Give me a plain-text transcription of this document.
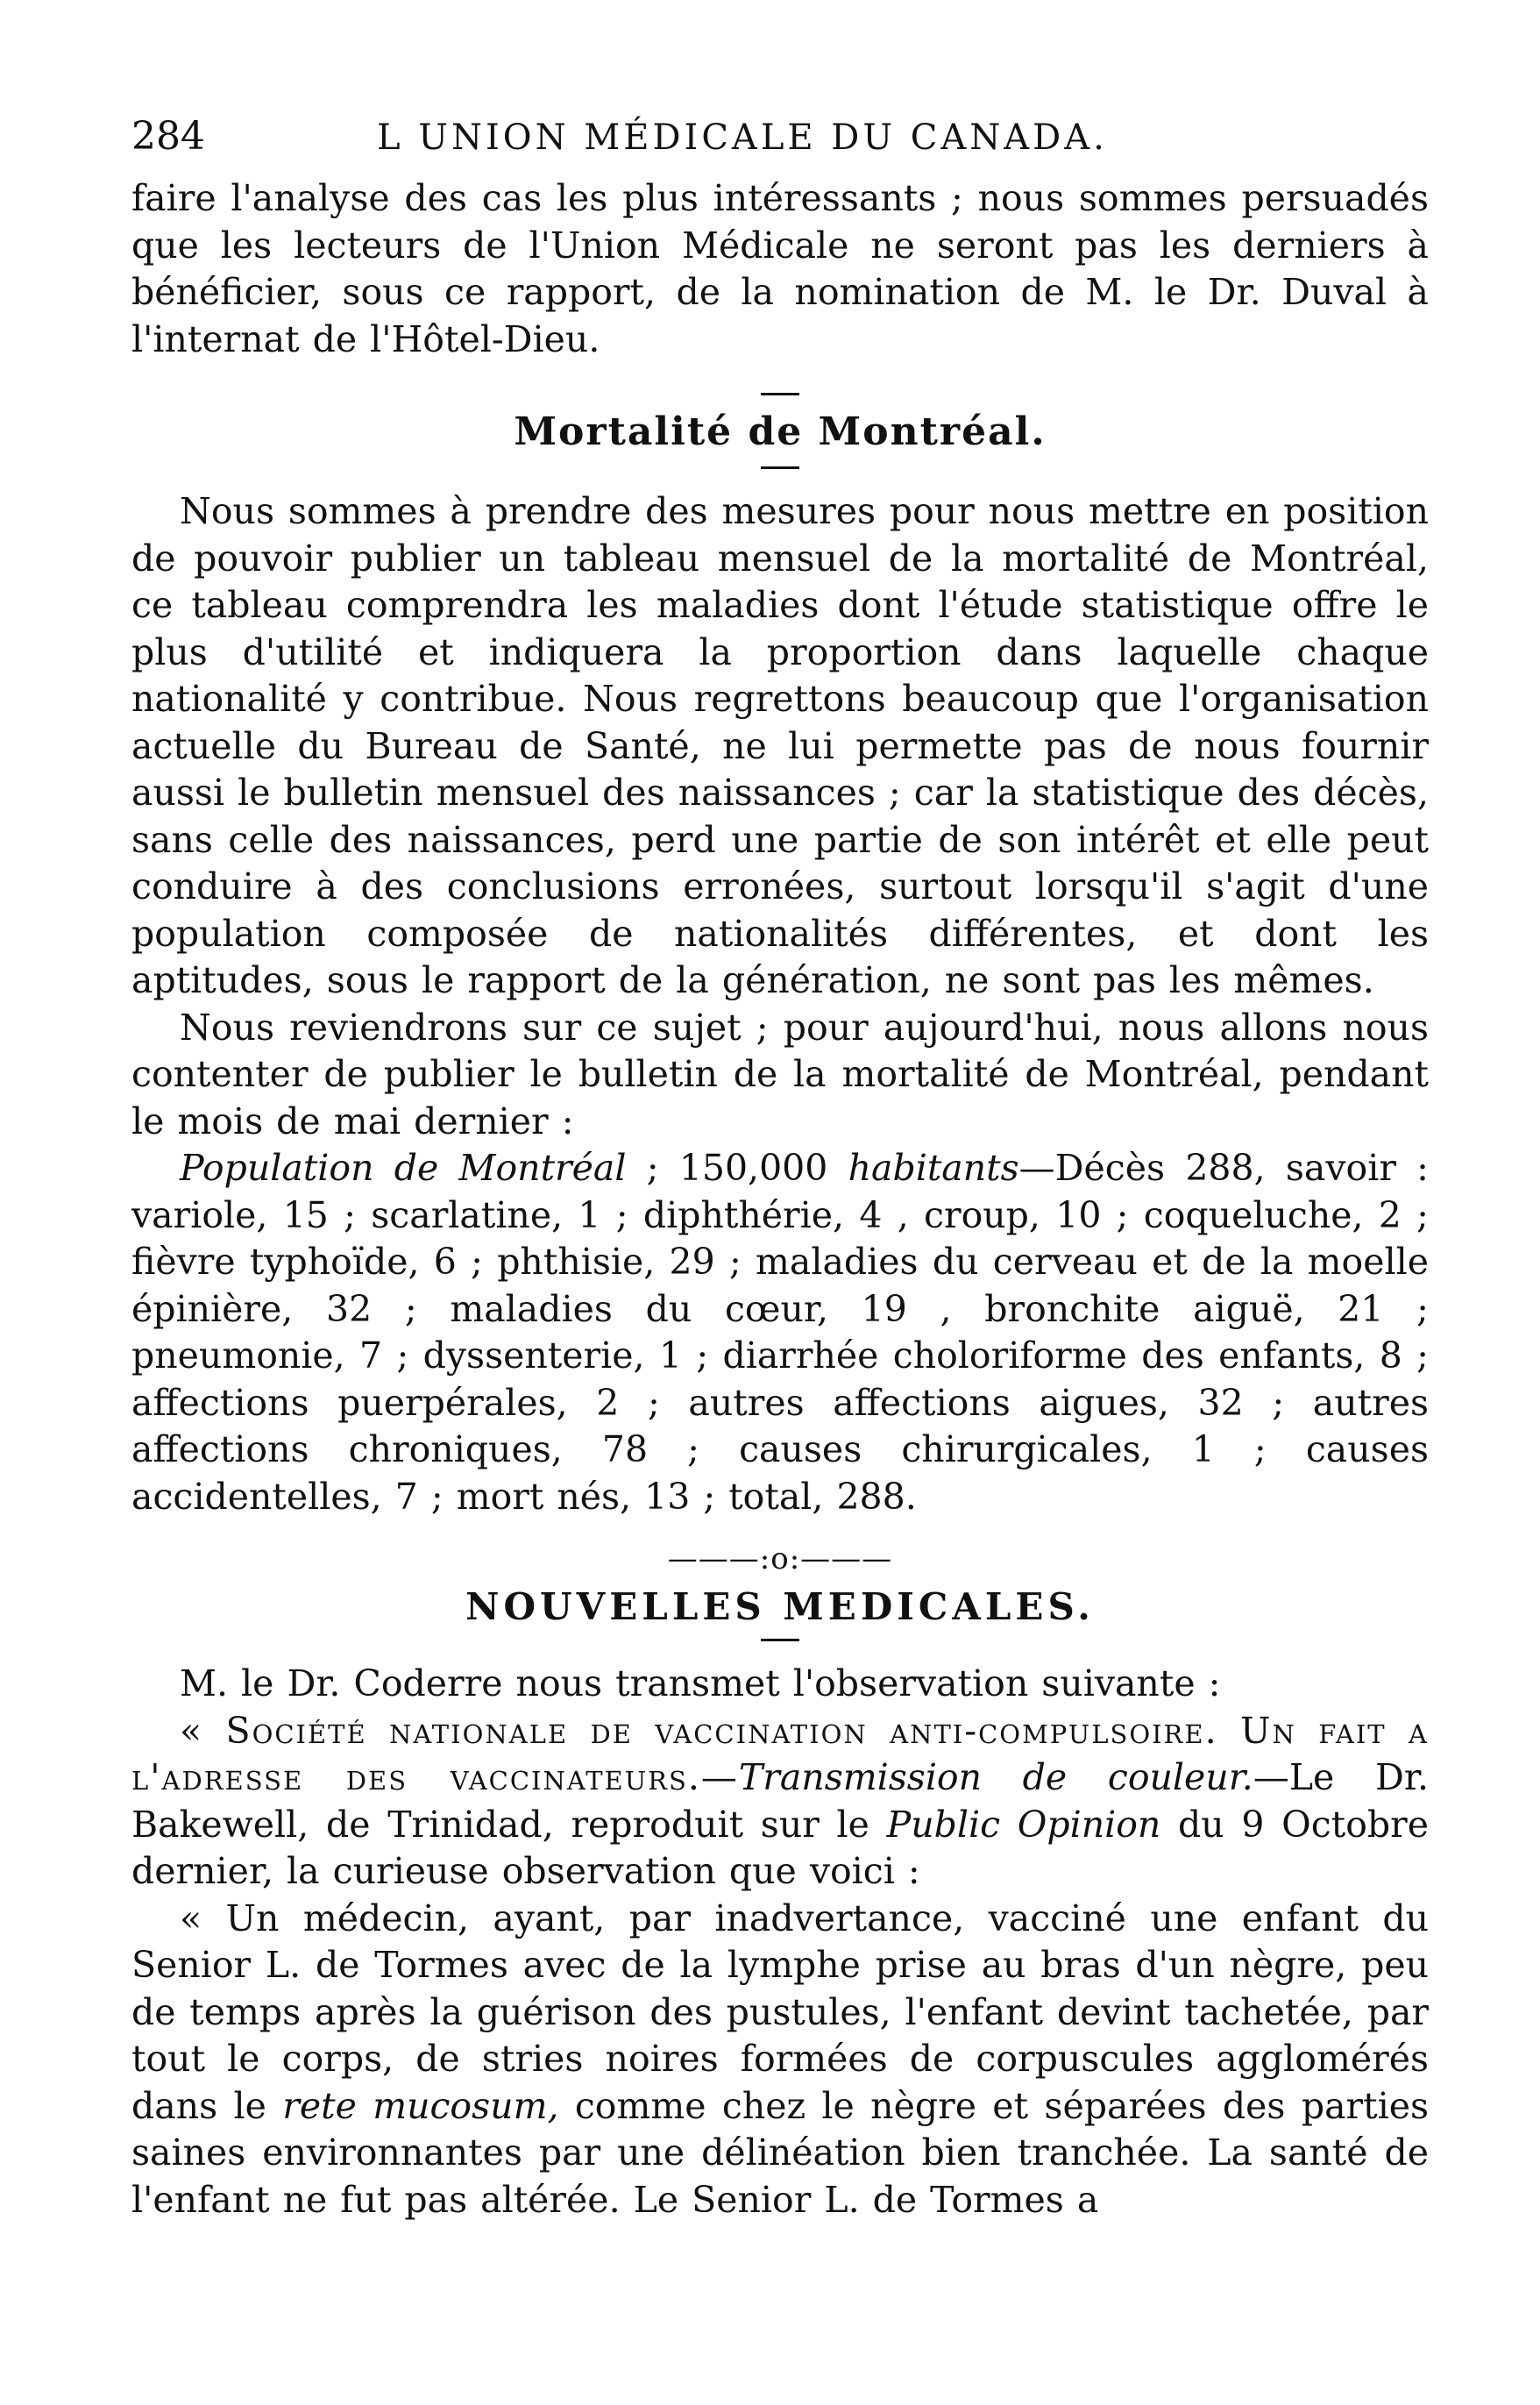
284	L UNION MÉDICALE DU CANADA.

faire l'analyse des cas les plus intéressants ; nous sommes persuadés que les lecteurs de l'Union Médicale ne seront pas les derniers à bénéficier, sous ce rapport, de la nomination de M. le Dr. Duval à l'internat de l'Hôtel-Dieu.

Mortalité de Montréal.

Nous sommes à prendre des mesures pour nous mettre en position de pouvoir publier un tableau mensuel de la mortalité de Montréal, ce tableau comprendra les maladies dont l'étude statistique offre le plus d'utilité et indiquera la proportion dans laquelle chaque nationalité y contribue. Nous regrettons beaucoup que l'organisation actuelle du Bureau de Santé, ne lui permette pas de nous fournir aussi le bulletin mensuel des naissances ; car la statistique des décès, sans celle des naissances, perd une partie de son intérêt et elle peut conduire à des conclusions erronées, surtout lorsqu'il s'agit d'une population composée de nationalités différentes, et dont les aptitudes, sous le rapport de la génération, ne sont pas les mêmes.

Nous reviendrons sur ce sujet ; pour aujourd'hui, nous allons nous contenter de publier le bulletin de la mortalité de Montréal, pendant le mois de mai dernier :

Population de Montréal ; 150,000 habitants—Décès 288, savoir : variole, 15 ; scarlatine, 1 ; diphthérie, 4 , croup, 10 ; coqueluche, 2 ; fièvre typhoïde, 6 ; phthisie, 29 ; maladies du cerveau et de la moelle épinière, 32 ; maladies du cœur, 19 , bronchite aiguë, 21 ; pneumonie, 7 ; dyssenterie, 1 ; diarrhée choloriforme des enfants, 8 ; affections puerpérales, 2 ; autres affections aigues, 32 ; autres affections chroniques, 78 ; causes chirurgicales, 1 ; causes accidentelles, 7 ; mort nés, 13 ; total, 288.

———:o:———
NOUVELLES MEDICALES.

M. le Dr. Coderre nous transmet l'observation suivante :

« Société nationale de vaccination anti-compulsoire. Un fait a l'adresse des vaccinateurs.—Transmission de couleur.—Le Dr. Bakewell, de Trinidad, reproduit sur le Public Opinion du 9 Octobre dernier, la curieuse observation que voici :

« Un médecin, ayant, par inadvertance, vacciné une enfant du Senior L. de Tormes avec de la lymphe prise au bras d'un nègre, peu de temps après la guérison des pustules, l'enfant devint tachetée, par tout le corps, de stries noires formées de corpuscules agglomérés dans le rete mucosum, comme chez le nègre et séparées des parties saines environnantes par une délinéation bien tranchée. La santé de l'enfant ne fut pas altérée. Le Senior L. de Tormes a
